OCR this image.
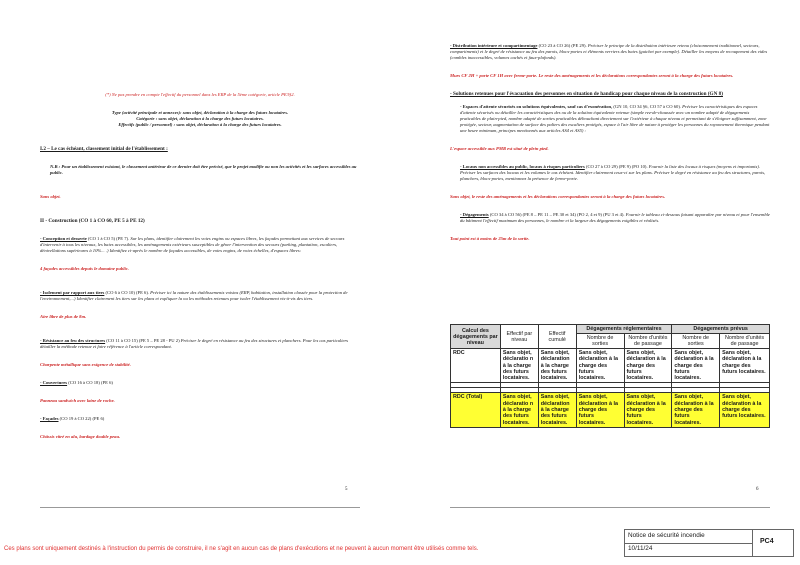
(*) Ne pas prendre en compte l'effectif du personnel dans les ERP de la 5ème catégorie, article PE3§2.

Type (activité principale et annexes): sans objet, déclaration à la charge des futurs locataires.

Catégorie : sans objet, déclaration à la charge des futurs locataires.

Effectifs (public / personnel) : sans objet, déclaration à la charge des futurs locataires.

I.2 – Le cas échéant, classement initial de l'établissement :

N.B : Pour un établissement existant, le classement antérieur de ce dernier doit être précisé, que le projet modifie ou non les activités et les surfaces accessibles au public.

Sans objet.

II - Construction (CO 1 à CO 60, PE 5 à PE 12)

- Conception et desserte (CO 1 à CO 5) (PE 7). Sur les plans, identifier clairement les voies engins ou espaces libres, les façades permettant aux services de secours d'intervenir à tous les niveaux, les baies accessibles, les aménagements extérieurs susceptibles de gêner l'intervention des secours (parking, plantation, escaliers, dénivellations supérieures à 10%... .) Identifiez ci-après le nombre de façades accessibles, de voies engins, de voies échelles, d'espaces libres:

4 façades accessibles depuis le domaine public.

- Isolement par rapport aux tiers (CO 6 à CO 10) (PE 6). Préciser ici la nature des établissements voisins (ERP, habitation, installation classée pour la protection de l'environnement,...) Identifier clairement les tiers sur les plans et expliquer la ou les méthodes retenues pour isoler l'établissement vis-à-vis des tiers.

Aire libre de plus de 8m.

- Résistance au feu des structures (CO 11 à CO 15) (PE 5 – PE 28 - PU 2) Préciser le degré en résistance au feu des structures et planchers. Pour les cas particuliers détailler la méthode retenue et faire référence à l'article correspondant.

Charpente métallique sans exigence de stabilité.

- Couvertures (CO 16 à CO 18) (PE 6)

Panneau sandwich avec laine de roche.

- Façades (CO 19 à CO 22) (PE 6)

Châssis vitré en alu, bardage double peau.

5

- Distribution intérieure et compartimentage (CO 23 à CO 26) (PE 29). Préciser le principe de la distribution intérieure retenu (cloisonnement traditionnel, secteurs, compartiments) et le degré de résistance au feu des parois, blocs-portes et éléments verriers des baies (guichet par exemple). Détailler les moyens de recoupement des vides (combles inaccessibles, volumes cachés et faux-plafonds).

Murs CF 2H + porte CF 1H avec ferme-porte. Le reste des aménagements et les déclarations correspondantes seront à la charge des futurs locataires.

- Solutions retenues pour l'évacuation des personnes en situation de handicap pour chaque niveau de la construction (GN 8)

- Espaces d'attente sécurisés ou solutions équivalentes, sauf cas d'exonération, (GN 10, CO 34 §6, CO 57 à CO 60). Préciser les caractéristiques des espaces d'attente sécurisés ou détailler les caractéristiques des ou de la solution équivalente retenue (simple rez-de-chaussée avec un nombre adapté de dégagements praticables de plain-pied, nombre adapté de sorties praticables débouchant directement sur l'extérieur à chaque niveau et permettant de s'éloigner suffisamment, zone protégée, secteur, augmentation de surface des paliers des escaliers protégés, espace à l'air libre de nature à protéger les personnes du rayonnement thermique pendant une heure minimum, principes mentionnés aux articles AS4 et AS5) :

L'espace accessible aux PMR est situé de plein pied.

- Locaux non accessibles au public, locaux à risques particuliers (CO 27 à CO 29) (PE 9) (PO 10). Fournir la liste des locaux à risques (moyens et importants). Préciser les surfaces des locaux et les volumes le cas échéant. Identifier clairement ceux-ci sur les plans. Préciser le degré en résistance au feu des structures, parois, planchers, blocs-portes, mentionnez la présence de ferme-porte.

Sans objet, le reste des aménagements et les déclarations correspondantes seront à la charge des futurs locataires.

- Dégagements (CO 34 à CO 56) (PE 8 – PE 11 – PE 30 et 34) (PO 2, 4 et 9) (PU 3 et 4). Fournir le tableau ci-dessous faisant apparaître par niveau et pour l'ensemble du bâtiment l'effectif maximum des personnes, le nombre et la largeur des dégagements exigibles et réalisés.

Tout point est à moins de 25m de la sortie.

6
Calcul des dégagements par niveau	Effectif par niveau	Effectif cumulé	Dégagements réglementaires		Dégagements prévus	
			Nombre de sorties	Nombre d'unités de passage	Nombre de sorties	Nombre d'unités de passage
RDC	Sans objet, déclaratio n à la charge des futurs locataires.	Sans objet, déclaration à la charge des futurs locataires.	Sans objet, déclaration à la charge des futurs locataires.	Sans objet, déclaration à la charge des futurs locataires.	Sans objet, déclaration à la charge des futurs locataires.	Sans objet, déclaration à la charge des futurs locataires.

RDC (Total)	Sans objet, déclaratio n à la charge des futurs locataires.	Sans objet, déclaration à la charge des futurs locataires.	Sans objet, déclaration à la charge des futurs locataires.	Sans objet, déclaration à la charge des futurs locataires.	Sans objet, déclaration à la charge des futurs locataires.	Sans objet, déclaration à la charge des futurs locataires.
Ces plans sont uniquement destinés à l'instruction du permis de construire, il ne s'agit en aucun cas de plans d'exécutions et ne peuvent à aucun moment être utilisés comme tels.
Notice de sécurité incendie
10/11/24
PC4
